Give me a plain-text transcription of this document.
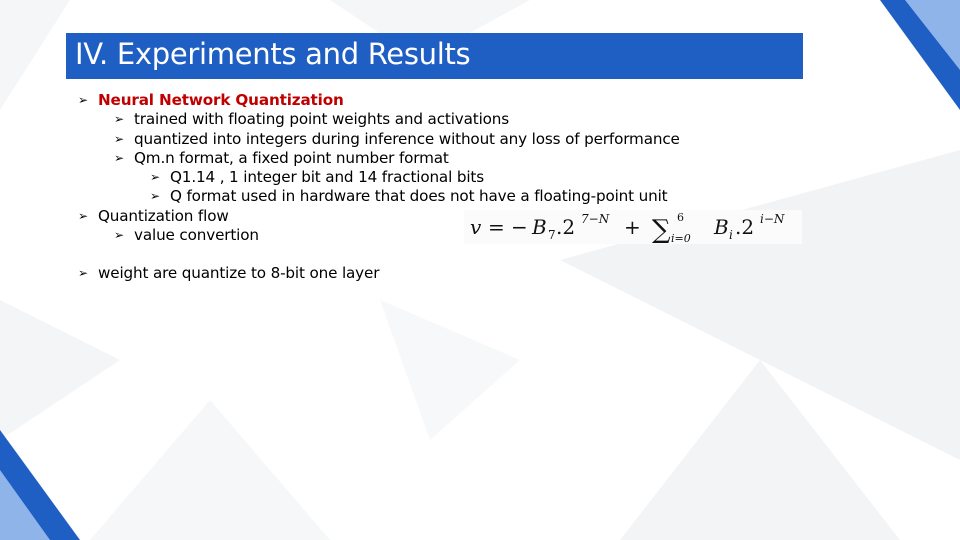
IV. Experiments and Results
➢ Neural Network Quantization
➢ trained with floating point weights and activations
➢ quantized into integers during inference without any loss of performance
➢ Qm.n format, a fixed point number format
➢ Q1.14 , 1 integer bit and 14 fractional bits
➢ Q format used in hardware that does not have a floating-point unit
➢ Quantization flow
➢ value convertion
➢ weight are quantize to 8-bit one layer
v = − B 7 .2 7−N + ∑ 6
i=0 B i .2 i−N
